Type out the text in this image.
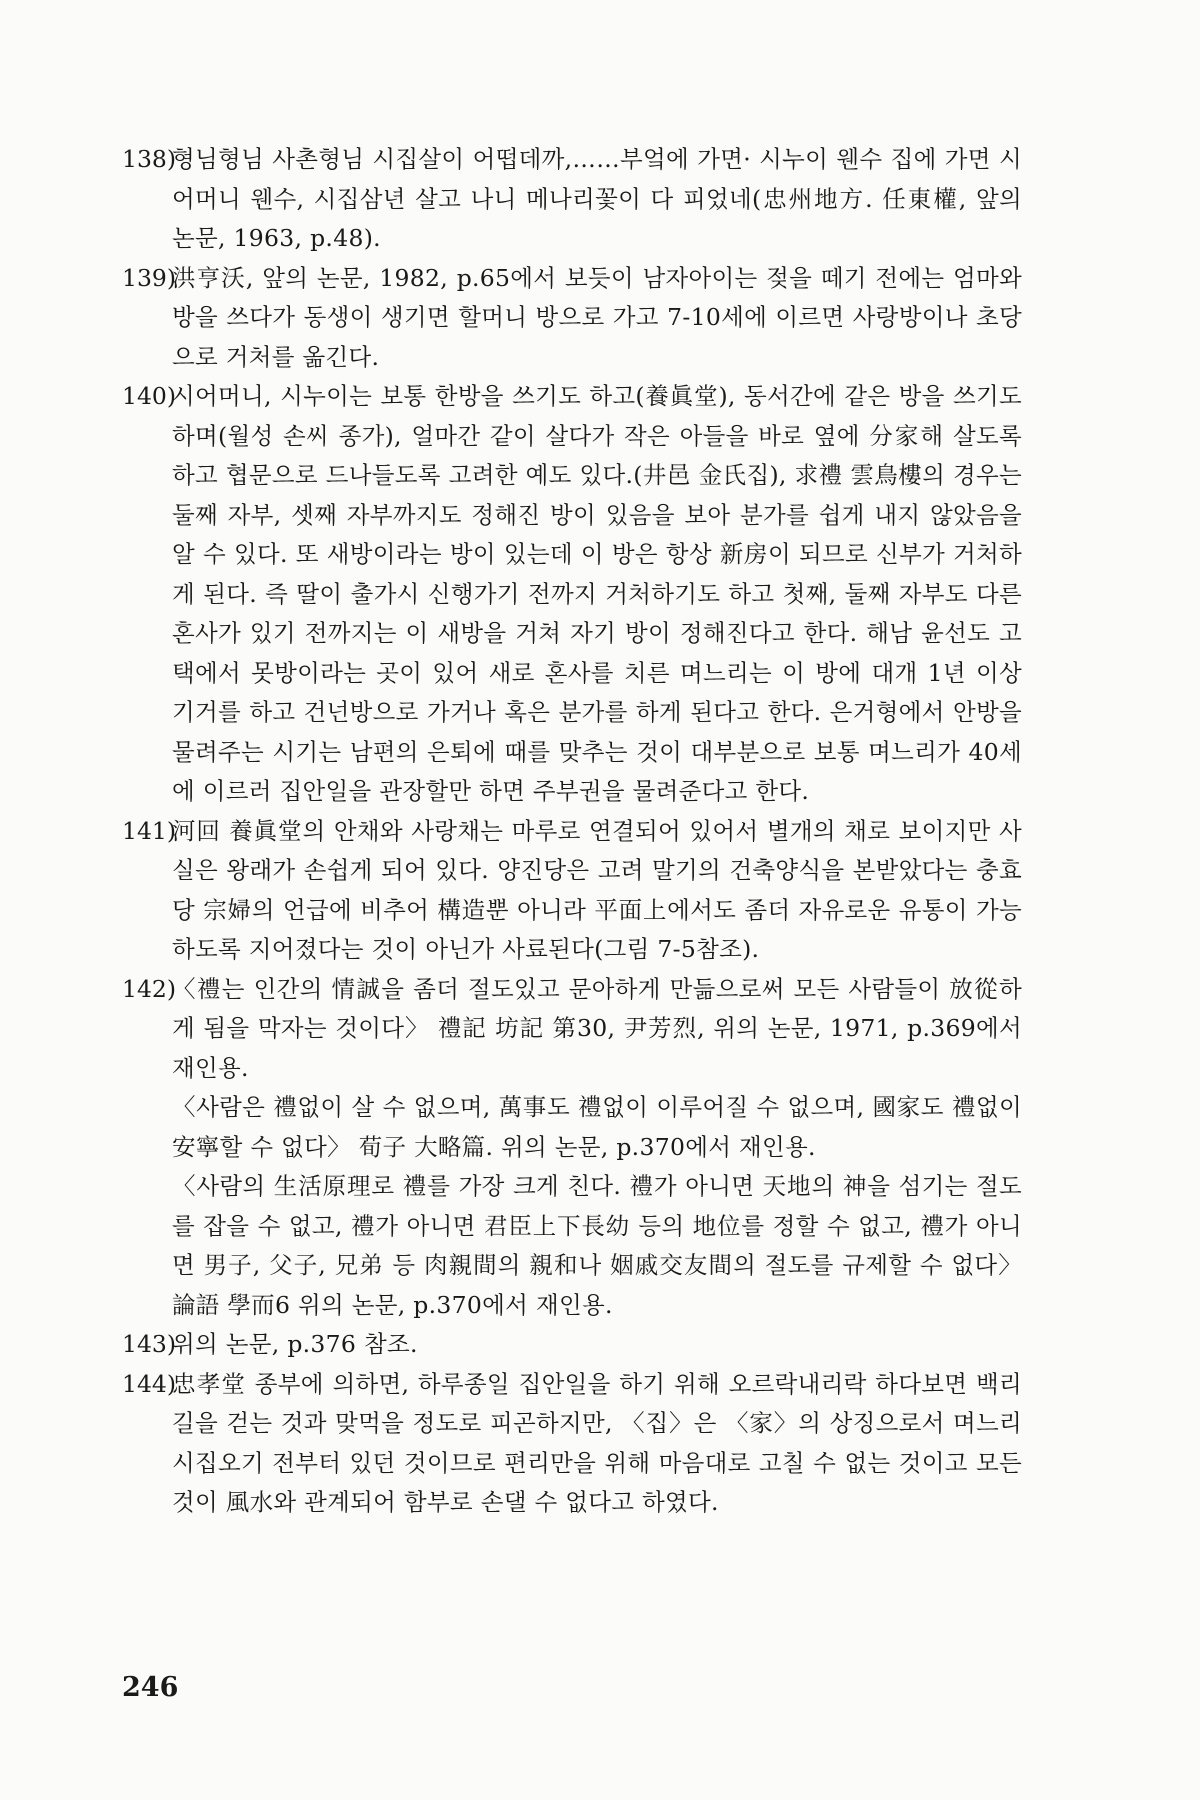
138)

형님형님 사촌형님 시집살이 어떱데까,……부엌에 가면· 시누이 웬수 집에 가면 시어머니 웬수, 시집삼년 살고 나니 메나리꽃이 다 피었네(忠州地方. 任東權, 앞의 논문, 1963, p.48).

139)

洪亨沃, 앞의 논문, 1982, p.65에서 보듯이 남자아이는 젖을 떼기 전에는 엄마와 방을 쓰다가 동생이 생기면 할머니 방으로 가고 7-10세에 이르면 사랑방이나 초당으로 거처를 옮긴다.

140)

시어머니, 시누이는 보통 한방을 쓰기도 하고(養眞堂), 동서간에 같은 방을 쓰기도 하며(월성 손씨 종가), 얼마간 같이 살다가 작은 아들을 바로 옆에 分家해 살도록 하고 협문으로 드나들도록 고려한 예도 있다.(井邑 金氏집), 求禮 雲鳥樓의 경우는 둘째 자부, 셋째 자부까지도 정해진 방이 있음을 보아 분가를 쉽게 내지 않았음을 알 수 있다. 또 새방이라는 방이 있는데 이 방은 항상 新房이 되므로 신부가 거처하게 된다. 즉 딸이 출가시 신행가기 전까지 거처하기도 하고 첫째, 둘째 자부도 다른 혼사가 있기 전까지는 이 새방을 거쳐 자기 방이 정해진다고 한다. 해남 윤선도 고택에서 못방이라는 곳이 있어 새로 혼사를 치른 며느리는 이 방에 대개 1년 이상 기거를 하고 건넌방으로 가거나 혹은 분가를 하게 된다고 한다. 은거형에서 안방을 물려주는 시기는 남편의 은퇴에 때를 맞추는 것이 대부분으로 보통 며느리가 40세에 이르러 집안일을 관장할만 하면 주부권을 물려준다고 한다.

141)

河回 養眞堂의 안채와 사랑채는 마루로 연결되어 있어서 별개의 채로 보이지만 사실은 왕래가 손쉽게 되어 있다. 양진당은 고려 말기의 건축양식을 본받았다는 충효당 宗婦의 언급에 비추어 構造뿐 아니라 平面上에서도 좀더 자유로운 유통이 가능하도록 지어졌다는 것이 아닌가 사료된다(그림 7-5참조).

142)

〈禮는 인간의 情誠을 좀더 절도있고 문아하게 만듦으로써 모든 사람들이 放從하게 됨을 막자는 것이다〉 禮記 坊記 第30, 尹芳烈, 위의 논문, 1971, p.369에서 재인용.

〈사람은 禮없이 살 수 없으며, 萬事도 禮없이 이루어질 수 없으며, 國家도 禮없이 安寧할 수 없다〉 荀子 大略篇. 위의 논문, p.370에서 재인용.

〈사람의 生活原理로 禮를 가장 크게 친다. 禮가 아니면 天地의 神을 섬기는 절도를 잡을 수 없고, 禮가 아니면 君臣上下長幼 등의 地位를 정할 수 없고, 禮가 아니면 男子, 父子, 兄弟 등 肉親間의 親和나 姻戚交友間의 절도를 규제할 수 없다〉 論語 學而6 위의 논문, p.370에서 재인용.

143)

위의 논문, p.376 참조.

144)

忠孝堂 종부에 의하면, 하루종일 집안일을 하기 위해 오르락내리락 하다보면 백리 길을 걷는 것과 맞먹을 정도로 피곤하지만, 〈집〉은 〈家〉의 상징으로서 며느리 시집오기 전부터 있던 것이므로 편리만을 위해 마음대로 고칠 수 없는 것이고 모든 것이 風水와 관계되어 함부로 손댈 수 없다고 하였다.

246
